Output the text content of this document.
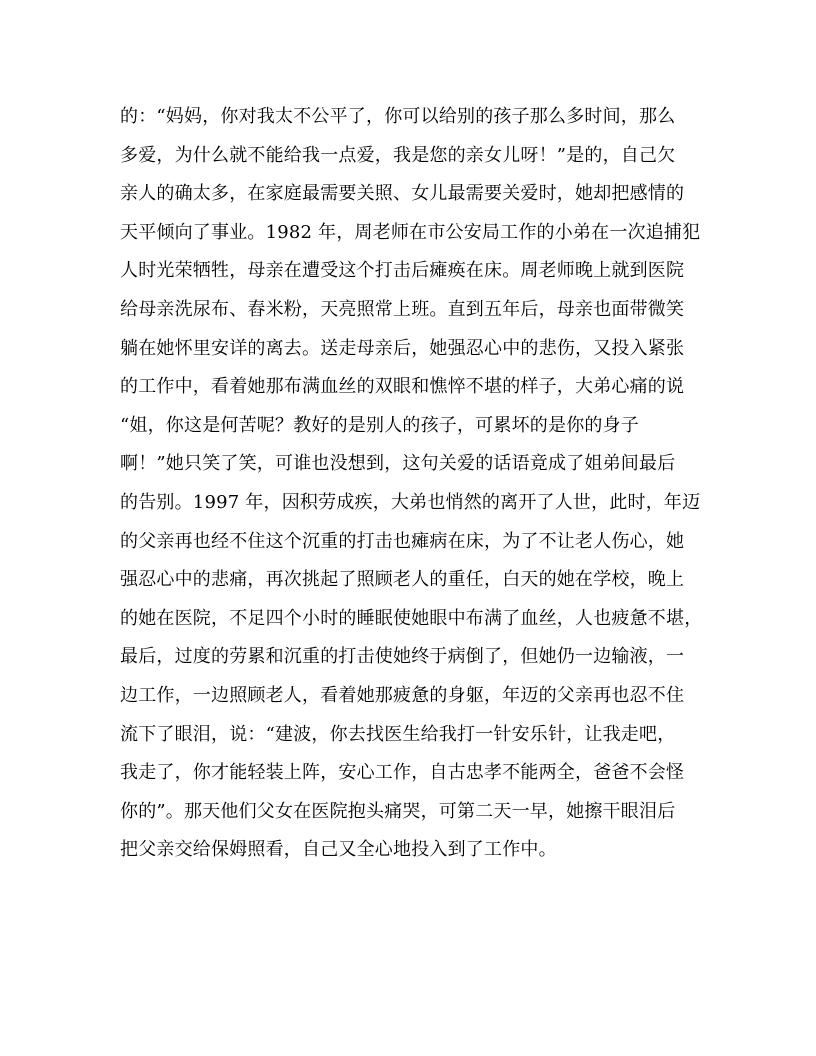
的：“妈妈，你对我太不公平了，你可以给别的孩子那么多时间，那么
多爱，为什么就不能给我一点爱，我是您的亲女儿呀！”是的，自己欠
亲人的确太多，在家庭最需要关照、女儿最需要关爱时，她却把感情的
天平倾向了事业。1982 年，周老师在市公安局工作的小弟在一次追捕犯
人时光荣牺牲，母亲在遭受这个打击后瘫痪在床。周老师晚上就到医院
给母亲洗尿布、舂米粉，天亮照常上班。直到五年后，母亲也面带微笑
躺在她怀里安详的离去。送走母亲后，她强忍心中的悲伤，又投入紧张
的工作中，看着她那布满血丝的双眼和憔悴不堪的样子，大弟心痛的说
“姐，你这是何苦呢？教好的是别人的孩子，可累坏的是你的身子
啊！”她只笑了笑，可谁也没想到，这句关爱的话语竟成了姐弟间最后
的告别。1997 年，因积劳成疾，大弟也悄然的离开了人世，此时，年迈
的父亲再也经不住这个沉重的打击也瘫病在床，为了不让老人伤心，她
强忍心中的悲痛，再次挑起了照顾老人的重任，白天的她在学校，晚上
的她在医院，不足四个小时的睡眠使她眼中布满了血丝，人也疲惫不堪，
最后，过度的劳累和沉重的打击使她终于病倒了，但她仍一边输液，一
边工作，一边照顾老人，看着她那疲惫的身躯，年迈的父亲再也忍不住
流下了眼泪，说：“建波，你去找医生给我打一针安乐针，让我走吧，
我走了，你才能轻装上阵，安心工作，自古忠孝不能两全，爸爸不会怪
你的”。那天他们父女在医院抱头痛哭，可第二天一早，她擦干眼泪后
把父亲交给保姆照看，自己又全心地投入到了工作中。
